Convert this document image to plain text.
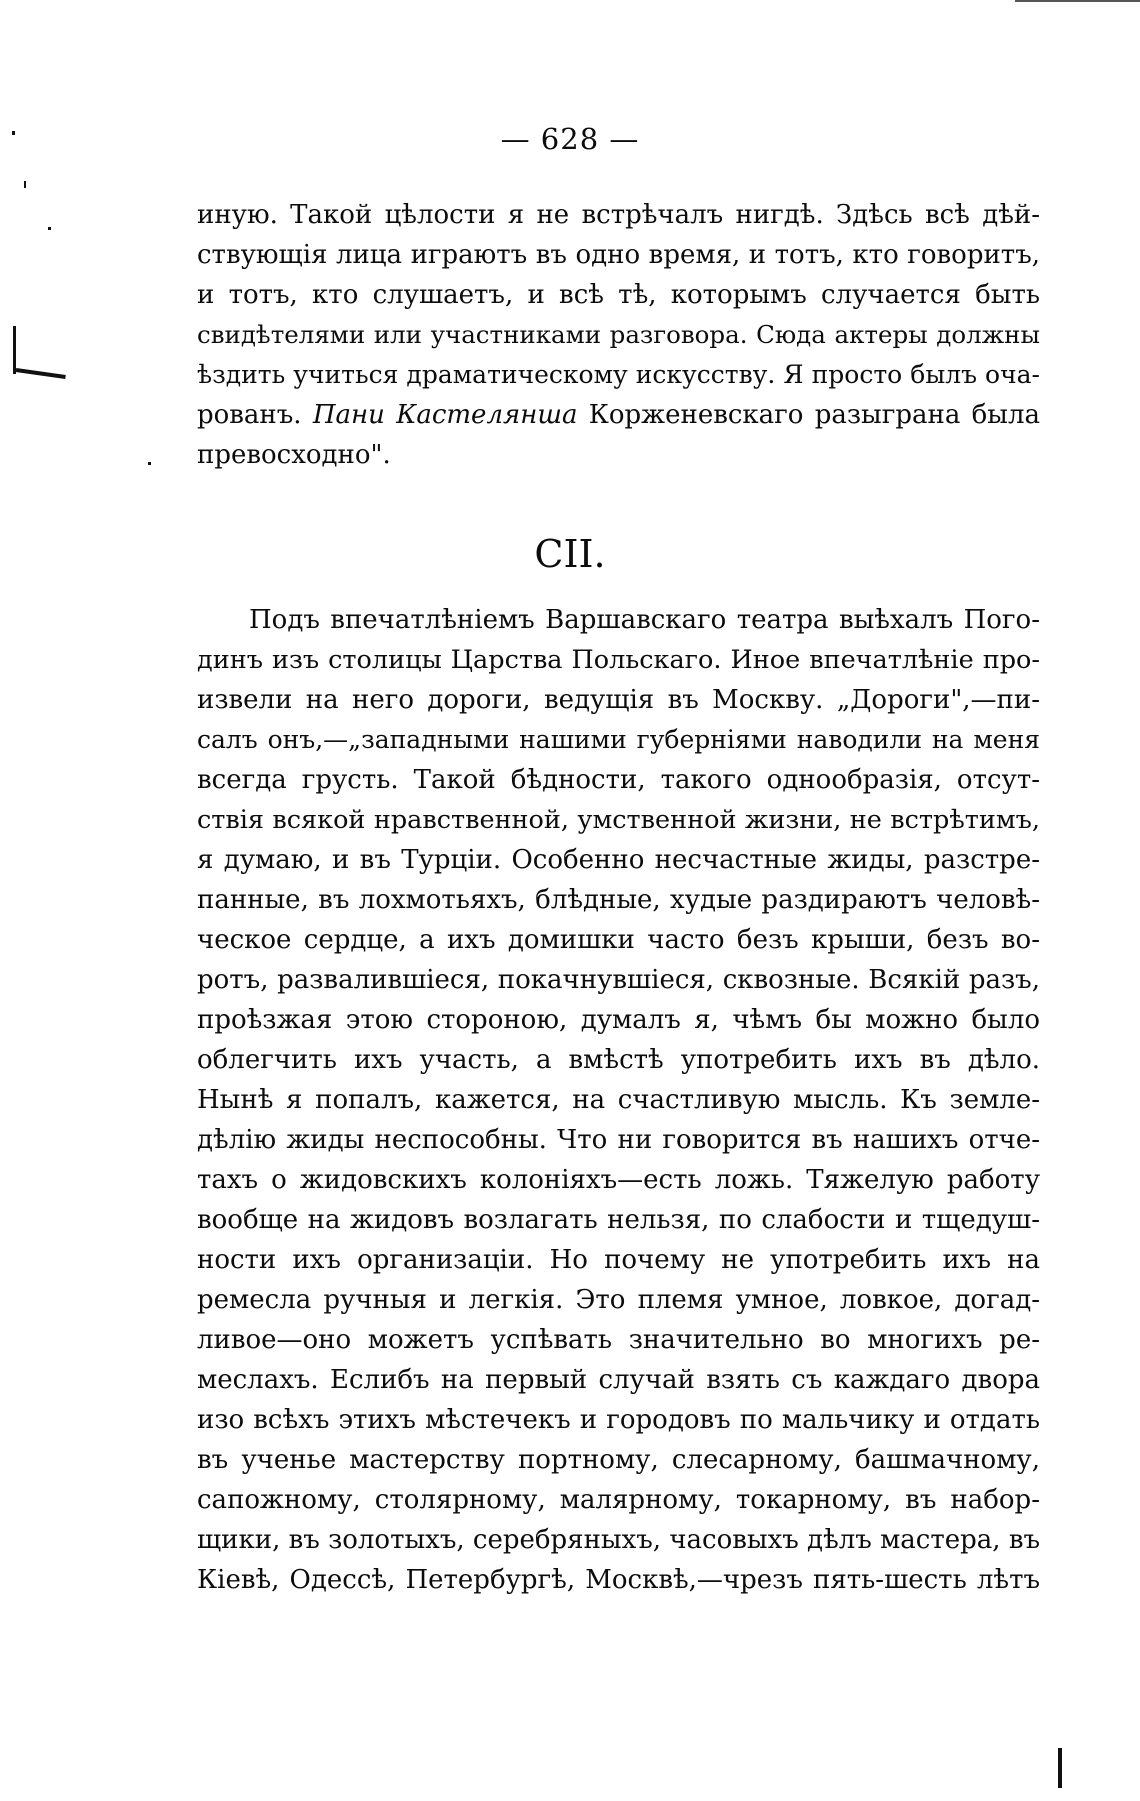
— 628 —
иную. Такой цѣлости я не встрѣчалъ нигдѣ. Здѣсь всѣ дѣй-
ствующія лица играютъ въ одно время, и тотъ, кто говоритъ,
и тотъ, кто слушаетъ, и всѣ тѣ, которымъ случается быть
свидѣтелями или участниками разговора. Сюда актеры должны
ѣздить учиться драматическому искусству. Я просто былъ оча-
рованъ. Пани Кастелянша Корженевскаго разыграна была
превосходно".
CII.
Подъ впечатлѣніемъ Варшавскаго театра выѣхалъ Пого-
динъ изъ столицы Царства Польскаго. Иное впечатлѣніе про-
извели на него дороги, ведущія въ Москву. „Дороги",—пи-
салъ онъ,—„западными нашими губерніями наводили на меня
всегда грусть. Такой бѣдности, такого однообразія, отсут-
ствія всякой нравственной, умственной жизни, не встрѣтимъ,
я думаю, и въ Турціи. Особенно несчастные жиды, разстре-
панные, въ лохмотьяхъ, блѣдные, худые раздираютъ человѣ-
ческое сердце, а ихъ домишки часто безъ крыши, безъ во-
ротъ, развалившіеся, покачнувшіеся, сквозные. Всякій разъ,
проѣзжая этою стороною, думалъ я, чѣмъ бы можно было
облегчить ихъ участь, а вмѣстѣ употребить ихъ въ дѣло.
Нынѣ я попалъ, кажется, на счастливую мысль. Къ земле-
дѣлію жиды неспособны. Что ни говорится въ нашихъ отче-
тахъ о жидовскихъ колоніяхъ—есть ложь. Тяжелую работу
вообще на жидовъ возлагать нельзя, по слабости и тщедуш-
ности ихъ организаціи. Но почему не употребить ихъ на
ремесла ручныя и легкія. Это племя умное, ловкое, догад-
ливое—оно можетъ успѣвать значительно во многихъ ре-
меслахъ. Еслибъ на первый случай взять съ каждаго двора
изо всѣхъ этихъ мѣстечекъ и городовъ по мальчику и отдать
въ ученье мастерству портному, слесарному, башмачному,
сапожному, столярному, малярному, токарному, въ набор-
щики, въ золотыхъ, серебряныхъ, часовыхъ дѣлъ мастера, въ
Кіевѣ, Одессѣ, Петербургѣ, Москвѣ,—чрезъ пять-шесть лѣтъ
